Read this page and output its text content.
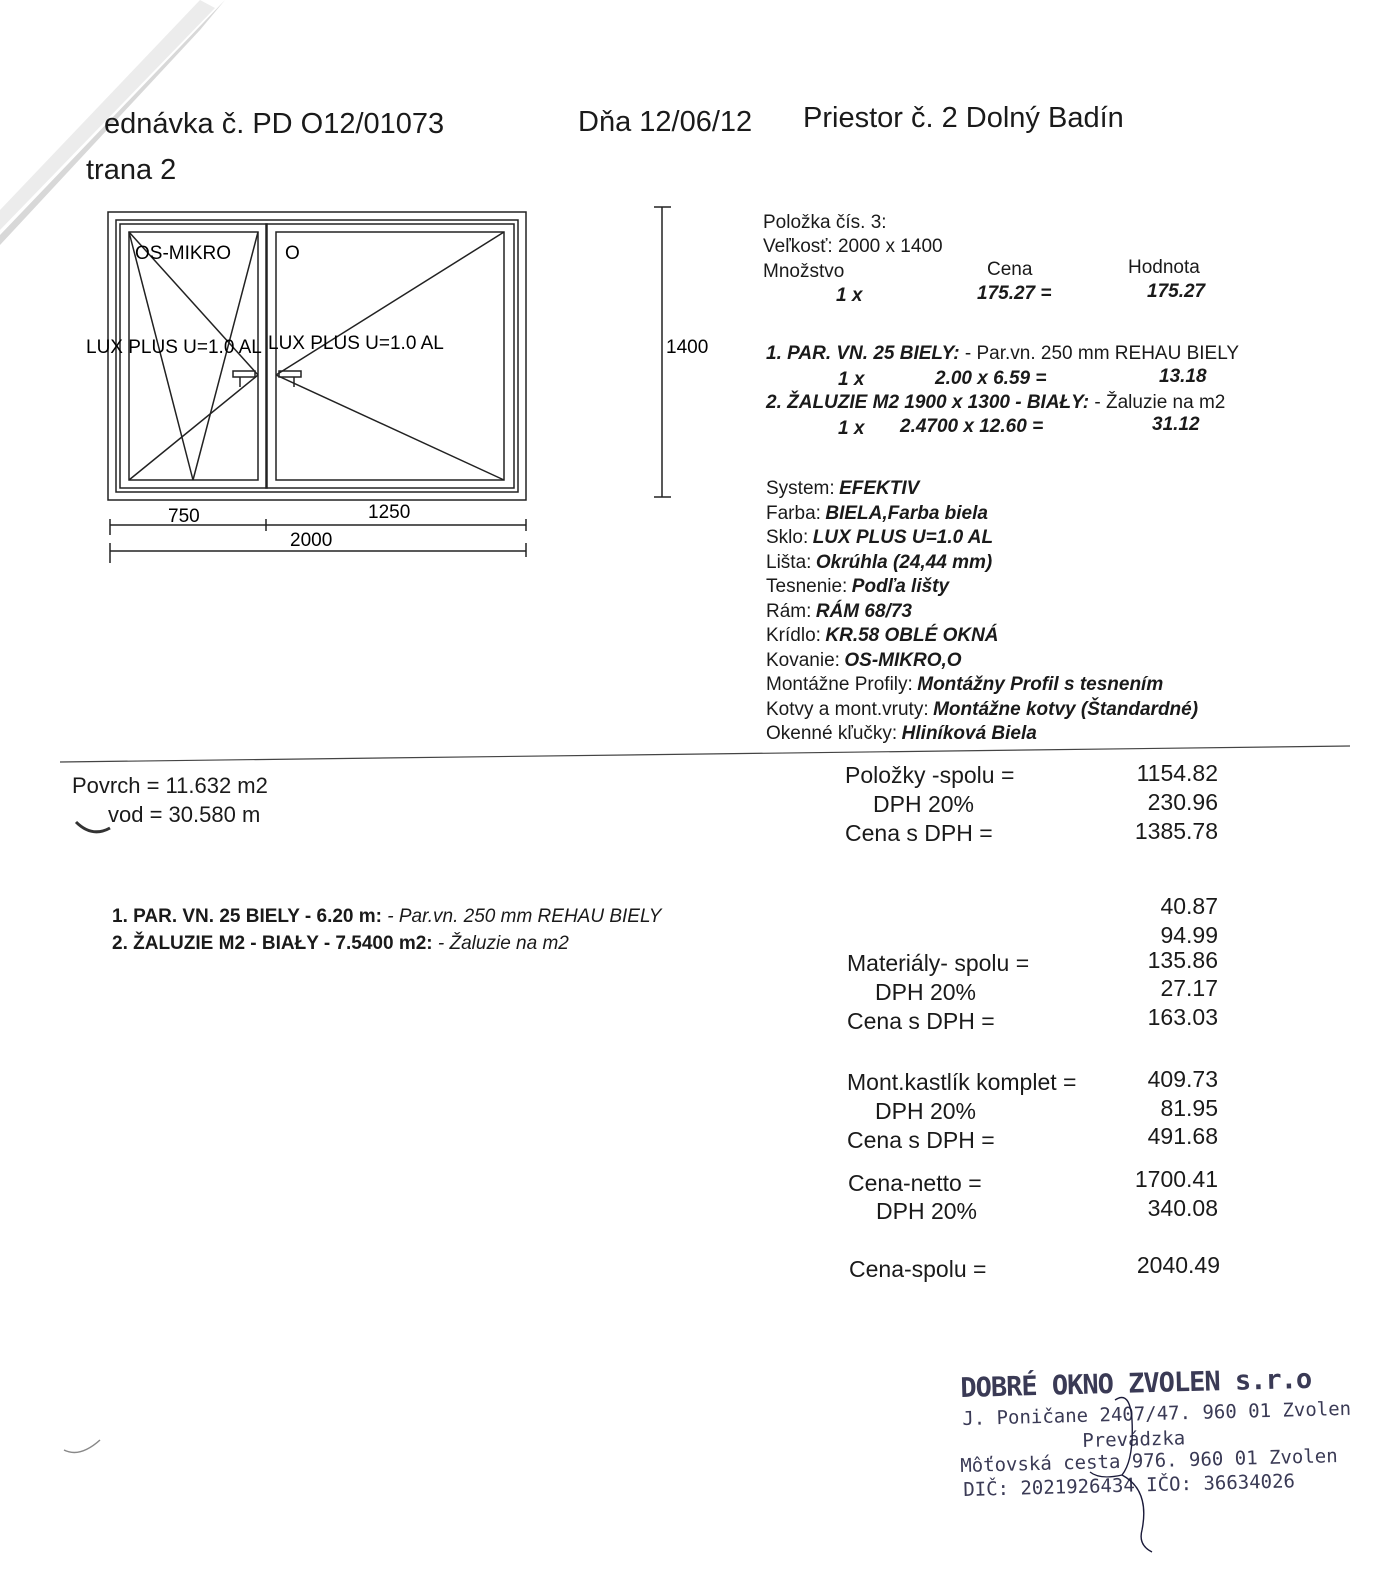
ednávka č. PD O12/01073
trana 2
Dňa 12/06/12 Priestor č. 2 Dolný Badín
OS-MIKRO	O
LUX PLUS U=1.0 AL LUX PLUS U=1.0 AL	1400
750	1250
2000
Položka čís. 3:
Veľkosť: 2000 x 1400
Množstvo	Cena	Hodnota
1 x	175.27 =	175.27
1. PAR. VN. 25 BIELY: - Par.vn. 250 mm REHAU BIELY
1 x	2.00 x 6.59 =	13.18
2. ŽALUZIE M2 1900 x 1300 - BIAŁY: - Žaluzie na m2
1 x 2.4700 x 12.60 =	31.12
System: EFEKTIV
Farba: BIELA,Farba biela
Sklo: LUX PLUS U=1.0 AL
Lišta: Okrúhla (24,44 mm)
Tesnenie: Podľa lišty
Rám: RÁM 68/73
Krídlo: KR.58 OBLÉ OKNÁ
Kovanie: OS-MIKRO,O
Montážne Profily: Montážny Profil s tesnením
Kotvy a mont.vruty: Montážne kotvy (Štandardné)
Okenné kľučky: Hliníková Biela
Povrch = 11.632 m2
vod = 30.580 m
1. PAR. VN. 25 BIELY - 6.20 m: - Par.vn. 250 mm REHAU BIELY
2. ŽALUZIE M2 - BIAŁY - 7.5400 m2: - Žaluzie na m2
Položky -spolu =	1154.82
DPH 20%	230.96
Cena s DPH =	1385.78
40.87
94.99
Materiály- spolu =	135.86
DPH 20%	27.17
Cena s DPH =	163.03
Mont.kastlík komplet =	409.73
DPH 20%	81.95
Cena s DPH =	491.68
Cena-netto =	1700.41
DPH 20%	340.08
Cena-spolu =	2040.49
DOBRÉ OKNO ZVOLEN s.r.o
J. Poničane 2407/47. 960 01 Zvolen
Prevádzka
Môťovská cesta 976. 960 01 Zvolen
DIČ: 2021926434 IČO: 36634026
